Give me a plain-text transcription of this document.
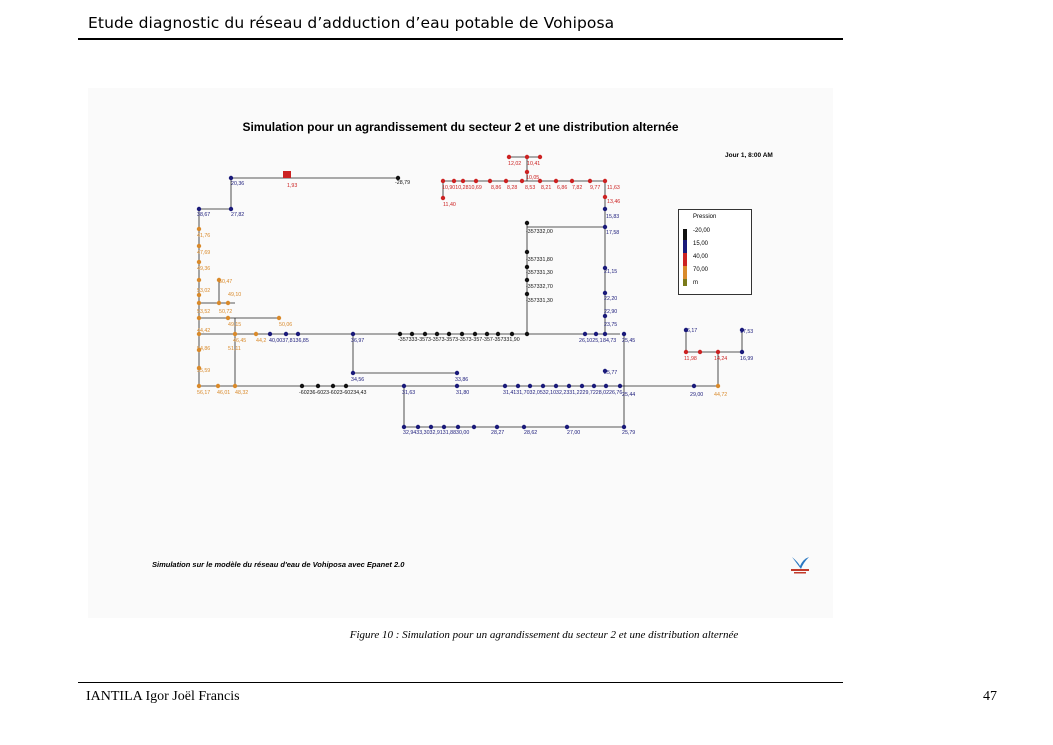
Etude diagnostic du réseau d’adduction d’eau potable de Vohiposa
1,93	-28,79
20,36
38,67	27,82
41,76
47,69
49,36
50,47
53,02
49,10
53,52 50,72
49,15	50,06
44,42
46,45 44,2 40,0037,8136,85
54,86	51,11
55,59
56,17 46,01 48,32
36,97
34,56	33,86
-60236-6023-6023-60234,43	31,63	31,80
-357333-3573-3573-3573-3573-357-357-357331,90
32,9433,3032,9131,8830,00	28,27	28,62	27,00	25,79
31,4131,7032,0532,1032,2331,2229,7228,0226,76 25,44
25,77
26,1025,1 84,73 25,45
23,75
22,90
22,20
21,15
17,58
15,83
13,46
11,63
10,9010,2810,69 8,86 8,28 8,53 8,21 6,86 7,82 9,77
11,40
12,02 10,41
10,05
-357332,00
-357331,80
-357331,30
-357332,70
-357331,30
29,00 44,72
16,17	17,53
11,98	14,24 16,99
Simulation pour un agrandissement du secteur 2 et une distribution alternée
Jour 1, 8:00 AM
Pression
-20,00
15,00
40,00
70,00
m
Simulation sur le modèle du réseau d'eau de Vohiposa avec Epanet 2.0
Figure 10 : Simulation pour un agrandissement du secteur 2 et une distribution alternée
IANTILA Igor Joël Francis	47
